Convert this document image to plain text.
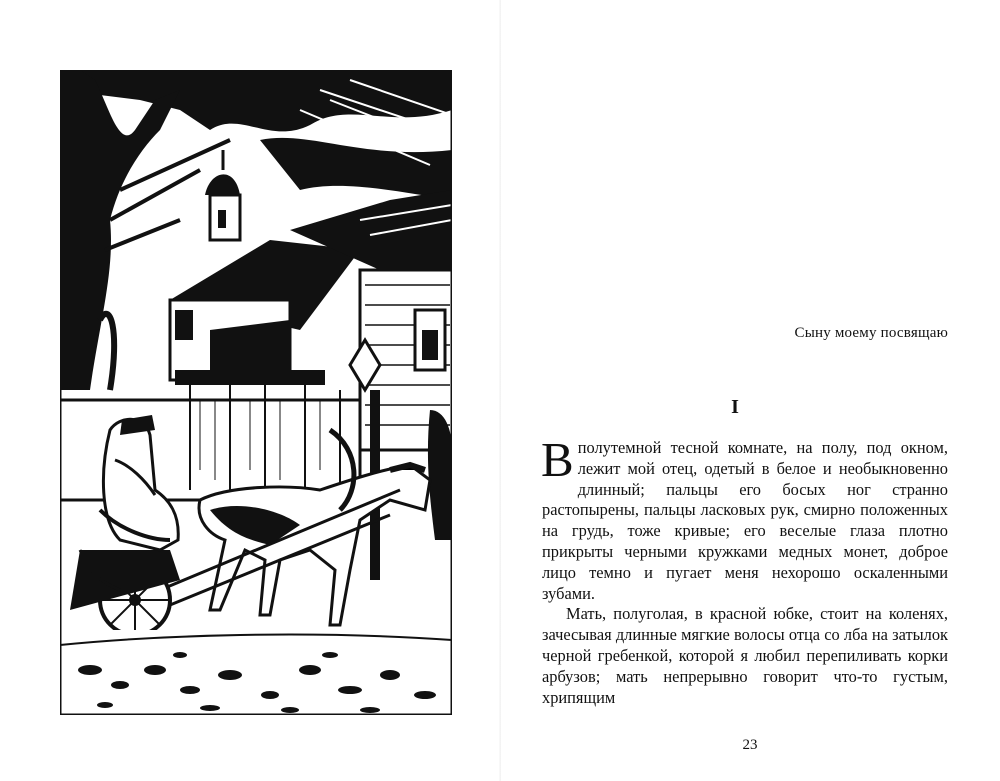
Сыну моему посвящаю
I

Вполутемной тесной комнате, на полу, под окном, лежит мой отец, одетый в белое и необыкновенно длинный; пальцы его босых ног странно растопырены, пальцы ласковых рук, смирно положенных на грудь, тоже кривые; его веселые глаза плотно прикрыты черными кружками медных монет, доброе лицо темно и пугает меня нехорошо оскаленными зубами.

Мать, полуголая, в красной юбке, стоит на коленях, зачесывая длинные мягкие волосы отца со лба на затылок черной гребенкой, которой я любил перепиливать корки арбузов; мать непрерывно говорит что-то густым, хрипящим

23
